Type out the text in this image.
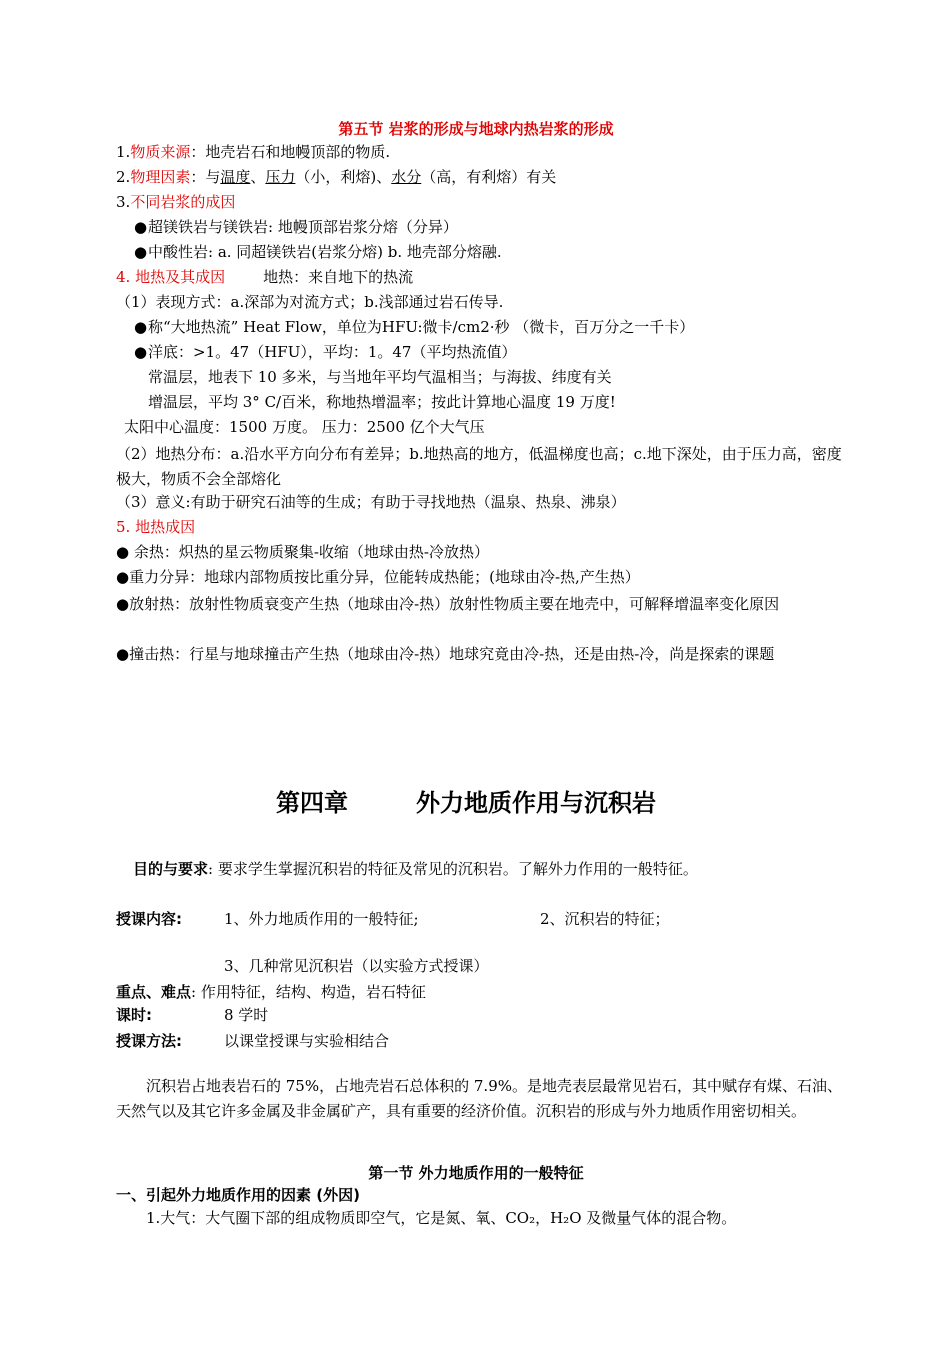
第五节 岩浆的形成与地球内热岩浆的形成
1.物质来源：地壳岩石和地幔顶部的物质.
2.物理因素：与温度、压力（小，利熔)、水分（高，有利熔）有关
3.不同岩浆的成因
●超镁铁岩与镁铁岩: 地幔顶部岩浆分熔（分异）
●中酸性岩: a. 同超镁铁岩(岩浆分熔) b. 地壳部分熔融.
4. 地热及其成因	地热：来自地下的热流
（1）表现方式：a.深部为对流方式；b.浅部通过岩石传导.
●称“大地热流” Heat Flow，单位为HFU:微卡/cm2·秒 （微卡，百万分之一千卡）
●洋底：>1。47（HFU），平均：1。47（平均热流值）
常温层，地表下 10 多米，与当地年平均气温相当；与海拔、纬度有关
增温层，平均 3° C/百米，称地热增温率；按此计算地心温度 19 万度!
太阳中心温度：1500 万度。 压力：2500 亿个大气压
（2）地热分布：a.沿水平方向分布有差异；b.地热高的地方，低温梯度也高；c.地下深处，由于压力高，密度极大，物质不会全部熔化
（3）意义:有助于研究石油等的生成；有助于寻找地热（温泉、热泉、沸泉）
5. 地热成因
● 余热：炽热的星云物质聚集-收缩（地球由热-冷放热）
●重力分异：地球内部物质按比重分异，位能转成热能；(地球由冷-热,产生热）
●放射热：放射性物质衰变产生热（地球由冷-热）放射性物质主要在地壳中，可解释增温率变化原因
●撞击热：行星与地球撞击产生热（地球由冷-热）地球究竟由冷-热，还是由热-冷，尚是探索的课题
第四章	外力地质作用与沉积岩
目的与要求: 要求学生掌握沉积岩的特征及常见的沉积岩。了解外力作用的一般特征。
授课内容:	1、外力地质作用的一般特征;	2、沉积岩的特征；
3、几种常见沉积岩（以实验方式授课）
重点、难点: 作用特征，结构、构造，岩石特征
课时:	8 学时
授课方法:	以课堂授课与实验相结合
沉积岩占地表岩石的 75%，占地壳岩石总体积的 7.9%。是地壳表层最常见岩石，其中赋存有煤、石油、天然气以及其它许多金属及非金属矿产，具有重要的经济价值。沉积岩的形成与外力地质作用密切相关。
第一节 外力地质作用的一般特征
一、引起外力地质作用的因素 (外因)
1.大气：大气圈下部的组成物质即空气，它是氮、氧、CO₂，H₂O 及微量气体的混合物。
